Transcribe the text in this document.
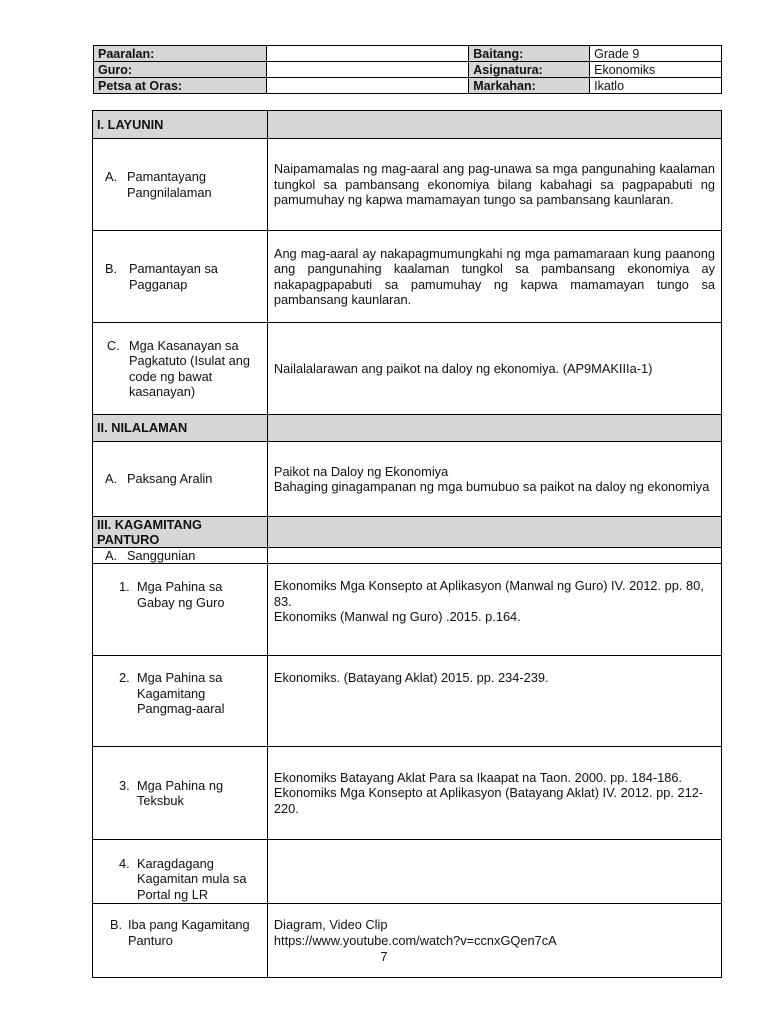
Paaralan:		Baitang:	Grade 9
Guro:		Asignatura:	Ekonomiks
Petsa at Oras:		Markahan:	Ikatlo
I. LAYUNIN	

A. Pamantayang Pangnilalaman	Naipamamalas ng mag-aaral ang pag-unawa sa mga pangunahing kaalaman tungkol sa pambansang ekonomiya bilang kabahagi sa pagpapabuti ng pamumuhay ng kapwa mamamayan tungo sa pambansang kaunlaran.

B. Pamantayan sa Pagganap	Ang mag-aaral ay nakapagmumungkahi ng mga pamamaraan kung paanong ang pangunahing kaalaman tungkol sa pambansang ekonomiya ay nakapagpapabuti sa pamumuhay ng kapwa mamamayan tungo sa pambansang kaunlaran.

C. Mga Kasanayan sa Pagkatuto (Isulat ang code ng bawat kasanayan)	Nailalalarawan ang paikot na daloy ng ekonomiya. (AP9MAKIIIa-1)
II. NILALAMAN	

A. Paksang Aralin	Paikot na Daloy ng Ekonomiya
Bahaging ginagampanan ng mga bumubuo sa paikot na daloy ng ekonomiya

III. KAGAMITANG PANTURO	

A. Sanggunian	

1. Mga Pahina sa Gabay ng Guro	Ekonomiks Mga Konsepto at Aplikasyon (Manwal ng Guro) IV. 2012. pp. 80, 83.
Ekonomiks (Manwal ng Guro) .2015. p.164.

2. Mga Pahina sa Kagamitang Pangmag-aaral	Ekonomiks. (Batayang Aklat) 2015. pp. 234-239.

3. Mga Pahina ng Teksbuk	Ekonomiks Batayang Aklat Para sa Ikaapat na Taon. 2000. pp. 184-186.
Ekonomiks Mga Konsepto at Aplikasyon (Batayang Aklat) IV. 2012. pp. 212- 220.

4. Karagdagang Kagamitan mula sa Portal ng LR	

B. Iba pang Kagamitang Panturo	Diagram, Video Clip
https://www.youtube.com/watch?v=ccnxGQen7cA
7
